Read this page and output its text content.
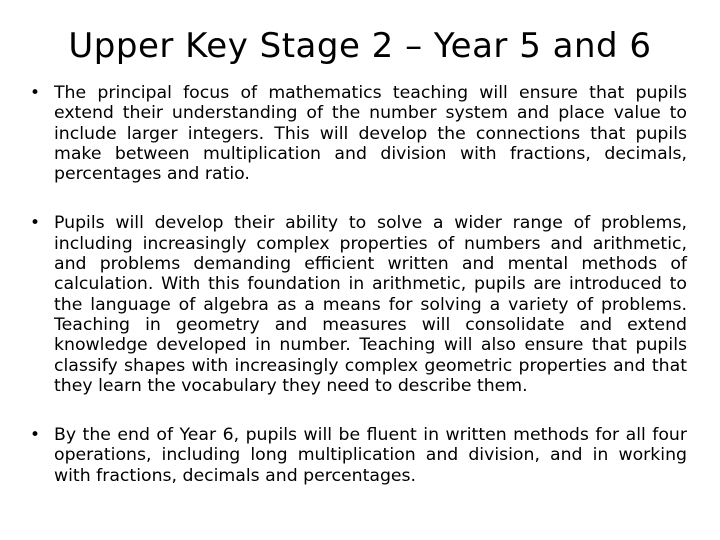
Upper Key Stage 2 – Year 5 and 6
• The principal focus of mathematics teaching will ensure that pupils extend their understanding of the number system and place value to include larger integers. This will develop the connections that pupils make between multiplication and division with fractions, decimals, percentages and ratio.
• Pupils will develop their ability to solve a wider range of problems, including increasingly complex properties of numbers and arithmetic, and problems demanding efficient written and mental methods of calculation. With this foundation in arithmetic, pupils are introduced to the language of algebra as a means for solving a variety of problems. Teaching in geometry and measures will consolidate and extend knowledge developed in number. Teaching will also ensure that pupils classify shapes with increasingly complex geometric properties and that they learn the vocabulary they need to describe them.
• By the end of Year 6, pupils will be fluent in written methods for all four operations, including long multiplication and division, and in working with fractions, decimals and percentages.
